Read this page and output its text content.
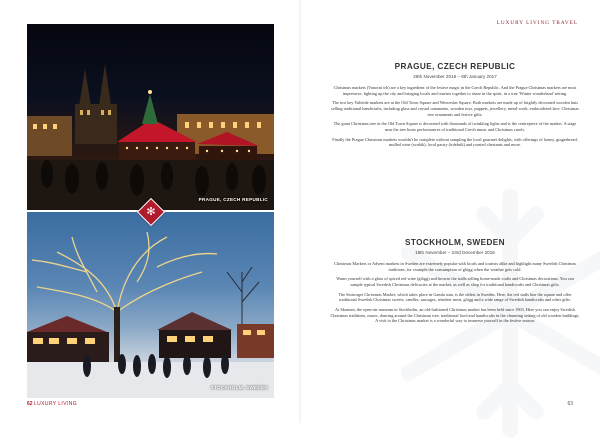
LUXURY LIVING TRAVEL
PRAGUE, CZECH REPUBLIC
STOCKHOLM, SWEDEN
✻
PRAGUE, CZECH REPUBLIC
26th November 2016 – 6th January 2017

Christmas markets (Vanocni trh) are a key ingredient of the festive magic in the Czech Republic. And the Prague Christmas markets are most impressive, lighting up the city and bringing locals and tourists together to share in the spirit, in a true 'Winter wonderland' setting.

The two key Yuletide markets are at the Old Town Square and Wenceslas Square. Both markets are made up of brightly decorated wooden huts selling traditional handicrafts, including glass and crystal ornaments, wooden toys, puppets, jewellery, metal-work, embroidered lace, Christmas tree ornaments and festive gifts.

The giant Christmas tree in the Old Town Square is decorated with thousands of twinkling lights and is the centrepiece of the market. A stage near the tree hosts performances of traditional Czech music and Christmas carols.

Finally the Prague Christmas markets wouldn't be complete without sampling the local gourmet delights, with offerings of honey, gingerbread, mulled wine (svařák), local pastry (trdelník) and roasted chestnuts and more.

STOCKHOLM, SWEDEN
19th November – 23rd December 2016

Christmas Markets or Advent markets in Sweden are extremely popular with locals and tourists alike and highlight many Swedish Christmas traditions, for example the consumption of glögg when the weather gets cold.

Warm yourself with a glass of spiced red wine (glögg) and browse the stalls selling home-made crafts and Christmas decorations. You can sample typical Swedish Christmas delicacies at the market, as well as shop for traditional handicrafts and Christmas gifts.

The Stortorget Christmas Market, which takes place in Gamla stan, is the oldest in Sweden. Here, the red stalls line the square and offer traditional Swedish Christmas sweets, candles, sausages, reindeer meat, glögg and a wide range of Swedish handicrafts and other gifts.

At Skansen, the open-air museum in Stockholm, an old-fashioned Christmas market has been held since 1903. Here you can enjoy Swedish Christmas traditions, music, dancing around the Christmas tree, traditional food and handicrafts in the charming setting of old wooden buildings. A visit to the Christmas market is a wonderful way to immerse yourself in the festive season.

62 LUXURY LIVING	63
